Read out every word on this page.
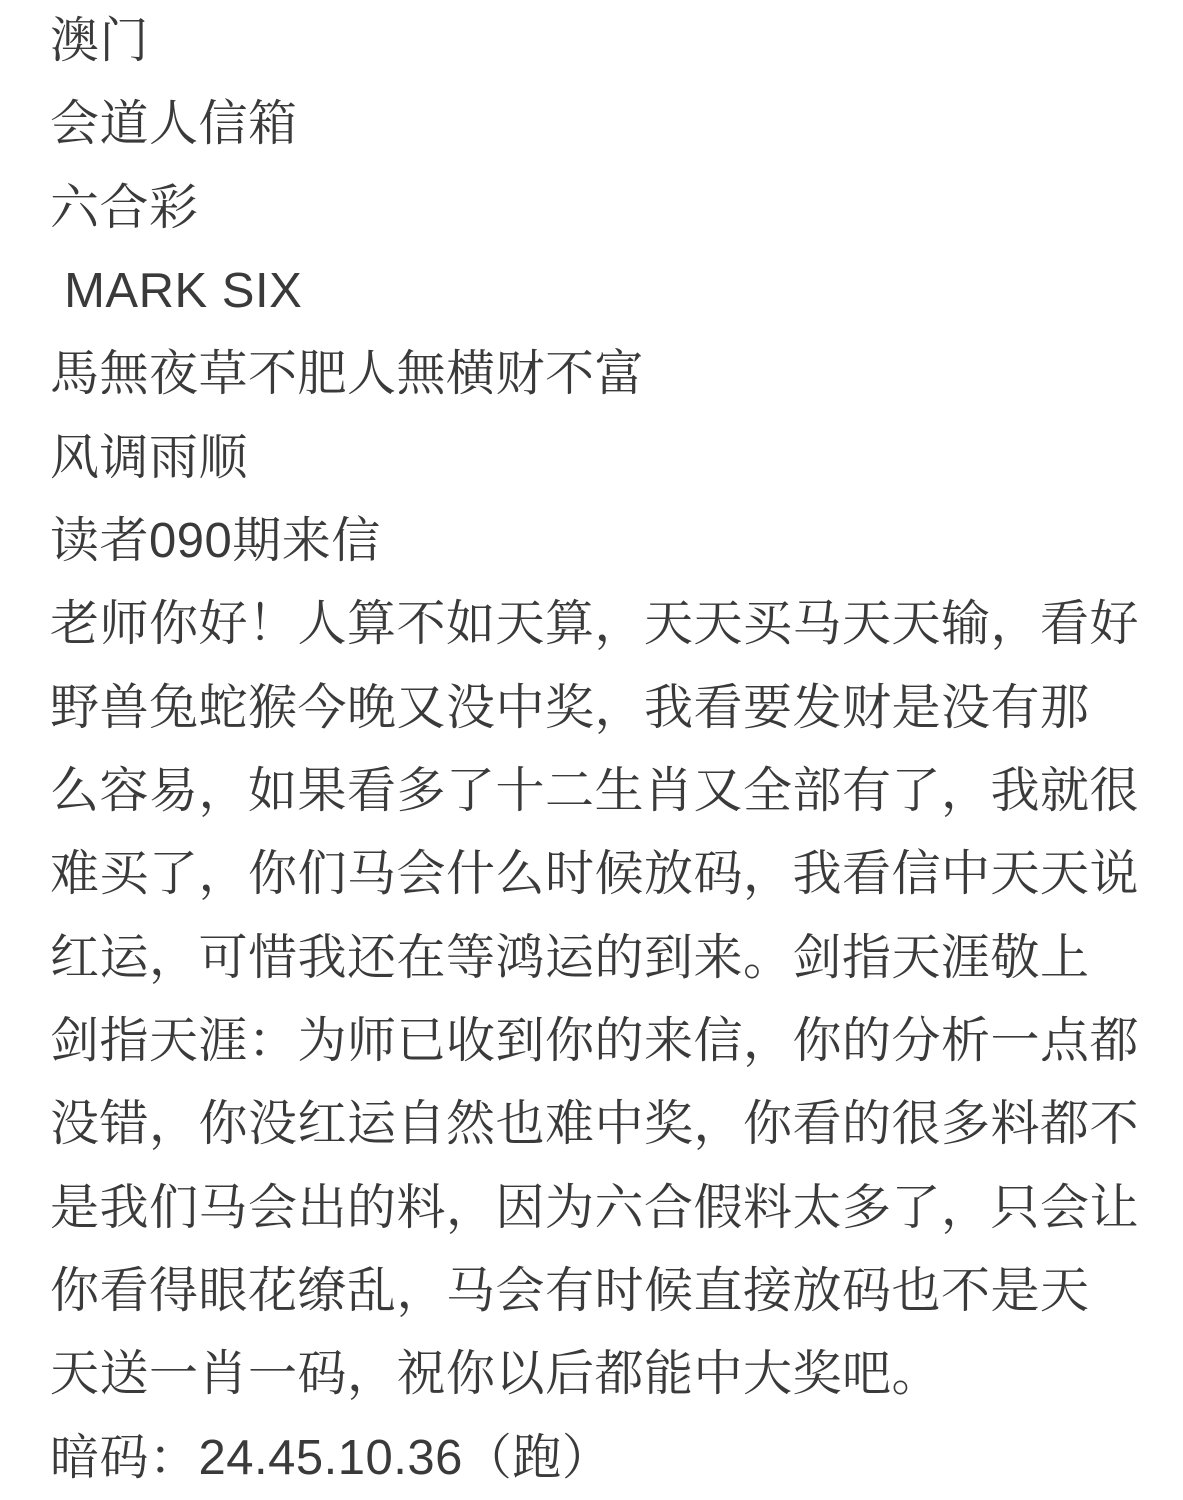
澳门
会道人信箱
六合彩
MARK SIX
馬無夜草不肥人無横财不富
风调雨顺
读者090期来信
老师你好！人算不如天算，天天买马天天输，看好
野兽兔蛇猴今晚又没中奖，我看要发财是没有那
么容易，如果看多了十二生肖又全部有了，我就很
难买了，你们马会什么时候放码，我看信中天天说
红运，可惜我还在等鸿运的到来。剑指天涯敬上
剑指天涯：为师已收到你的来信，你的分析一点都
没错，你没红运自然也难中奖，你看的很多料都不
是我们马会出的料，因为六合假料太多了，只会让
你看得眼花缭乱，马会有时候直接放码也不是天
天送一肖一码，祝你以后都能中大奖吧。
暗码：24.45.10.36（跑）
